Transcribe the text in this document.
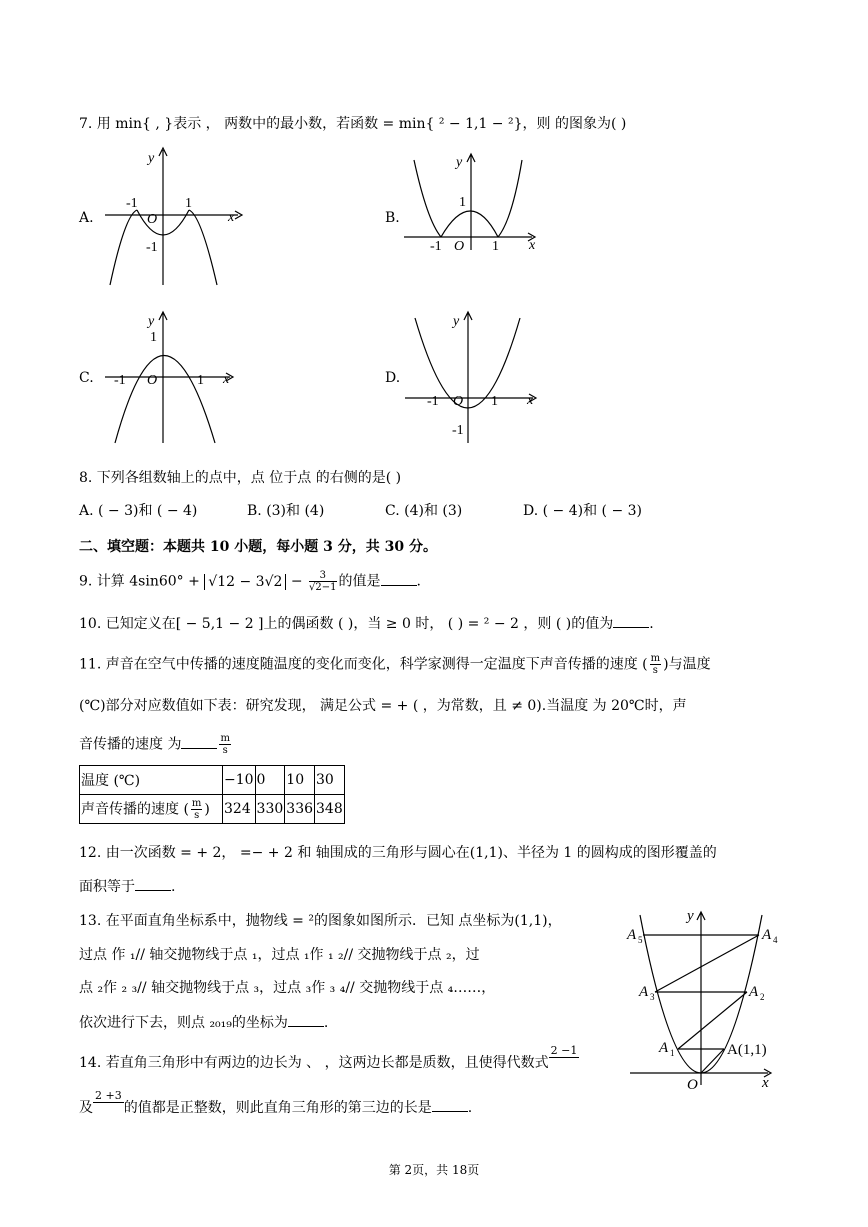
7. 用 min{ , }表示 ， 两数中的最小数，若函数 = min{ ² − 1,1 − ²}，则 的图象为( )
A.
y
x
O
-1	1
-1
B.
y
x
O
-1	1
1
C.
y
x
O
-1	1
1
D.
y
x
O
-1	1
-1
8. 下列各组数轴上的点中，点 位于点 的右侧的是( )
A. ( − 3)和 ( − 4)	B. (3)和 (4)	C. (4)和 (3)	D. ( − 4)和 ( − 3)
二、填空题：本题共 10 小题，每小题 3 分，共 30 分。
9. 计算 $4\sin 60^\circ + √12 - 3√2 - \frac{3}{√2-1}$ 的值是	.
10. 已知定义在[ − 5,1 − 2 ]上的偶函数 ( )，当 ≥ 0 时， ( ) = ² − 2 ，则 ( )的值为	.
11. 声音在空气中传播的速度随温度的变化而变化，科学家测得一定温度下声音传播的速度 ( $\frac{m}{s}$ )与温度
(℃)部分对应数值如下表：研究发现， 满足公式 = + ( ，为常数，且 ≠ 0).当温度 为 20℃时，声
音传播的速度 为	$\frac{m}{s}$
温度 (℃)	−10	0	10	30
声音传播的速度 ( $\frac{m}{s}$ )	324	330	336	348
12. 由一次函数 = + 2， =− + 2 和 轴围成的三角形与圆心在(1,1)、半径为 1 的圆构成的图形覆盖的
面积等于	.
13. 在平面直角坐标系中，抛物线 = ²的图象如图所示．已知 点坐标为(1,1)，
过点 作 ₁// 轴交抛物线于点 ₁，过点 ₁作 ₁ ₂// 交抛物线于点 ₂，过
点 ₂作 ₂ ₃// 轴交抛物线于点 ₃，过点 ₃作 ₃ ₄// 交抛物线于点 ₄……，
依次进行下去，则点 ₂₀₁₉的坐标为	.
y
x
O
A(1,1)
A 1
A 2
A 3
A 4
A 5
14. 若直角三角形中有两边的边长为 、 ，这两边长都是质数，且使得代数式2 −1
及2 +3的值都是正整数，则此直角三角形的第三边的长是	.
第 2页，共 18页
